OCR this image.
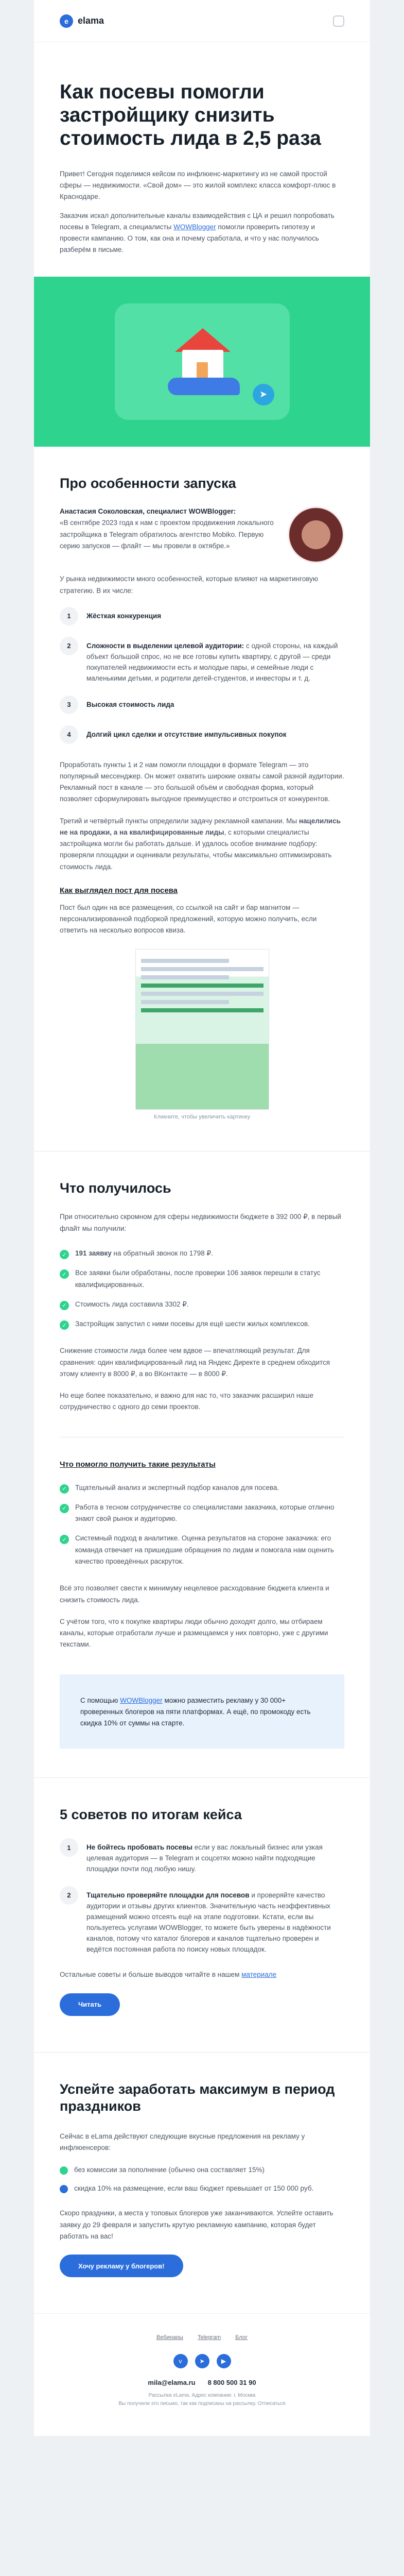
e	elama
Как посевы помогли застройщику снизить стоимость лида в 2,5 раза

Привет! Сегодня поделимся кейсом по инфлюенс-маркетингу из не самой простой сферы — недвижимости. «Свой дом» — это жилой комплекс класса комфорт-плюс в Краснодаре.

Заказчик искал дополнительные каналы взаимодействия с ЦА и решил попробовать посевы в Telegram, а специалисты WOWBlogger помогли проверить гипотезу и провести кампанию. О том, как она и почему сработала, и что у нас получилось разберём в письме.

➤
Про особенности запуска
Анастасия Соколовская, специалист WOWBlogger:

«В сентябре 2023 года к нам с проектом продвижения локального застройщика в Telegram обратилось агентство Mobiko. Первую серию запусков — флайт — мы провели в октябре.»

У рынка недвижимости много особенностей, которые влияют на маркетинговую стратегию. В их числе:

1	Жёсткая конкуренция
2	Сложности в выделении целевой аудитории: с одной стороны, на каждый объект большой спрос, но не все готовы купить квартиру, с другой — среди покупателей недвижимости есть и молодые пары, и семейные люди с маленькими детьми, и родители детей-студентов, и инвесторы и т. д.
3	Высокая стоимость лида
4	Долгий цикл сделки и отсутствие импульсивных покупок

Проработать пункты 1 и 2 нам помогли площадки в формате Telegram — это популярный мессенджер. Он может охватить широкие охваты самой разной аудитории. Рекламный пост в канале — это большой объём и свободная форма, который позволяет сформулировать выгодное преимущество и отстроиться от конкурентов.

Третий и четвёртый пункты определили задачу рекламной кампании. Мы нацелились не на продажи, а на квалифицированные лиды, с которыми специалисты застройщика могли бы работать дальше. И удалось особое внимание подбору: проверяли площадки и оценивали результаты, чтобы максимально оптимизировать стоимость лида.

Как выглядел пост для посева

Пост был один на все размещения, со ссылкой на сайт и бар магнитом — персонализированной подборкой предложений, которую можно получить, если ответить на несколько вопросов квиза.

Кликните, чтобы увеличить картинку
Что получилось

При относительно скромном для сферы недвижимости бюджете в 392 000 ₽, в первый флайт мы получили:

✓	191 заявку на обратный звонок по 1798 ₽.

✓	Все заявки были обработаны, после проверки 106 заявок перешли в статус квалифицированных.

✓	Стоимость лида составила 3302 ₽.

✓	Застройщик запустил с ними посевы для ещё шести жилых комплексов.

Снижение стоимости лида более чем вдвое — впечатляющий результат. Для сравнения: один квалифицированный лид на Яндекс Директе в среднем обходится этому клиенту в 8000 ₽, а во ВКонтакте — в 8000 ₽.

Но еще более показательно, и важно для нас то, что заказчик расширил наше сотрудничество с одного до семи проектов.

Что помогло получить такие результаты
✓	Тщательный анализ и экспертный подбор каналов для посева.

✓	Работа в тесном сотрудничестве со специалистами заказчика, которые отлично знают свой рынок и аудиторию.

✓	Системный подход в аналитике. Оценка результатов на стороне заказчика: его команда отвечает на пришедшие обращения по лидам и помогала нам оценить качество проведённых раскруток.

Всё это позволяет свести к минимуму нецелевое расходование бюджета клиента и снизить стоимость лида.

С учётом того, что к покупке квартиры люди обычно доходят долго, мы отбираем каналы, которые отработали лучше и размещаемся у них повторно, уже с другими текстами.

С помощью WOWBlogger можно разместить рекламу у 30 000+ проверенных блогеров на пяти платформах. А ещё, по промокоду есть скидка 10% от суммы на старте.

5 советов по итогам кейса
1	Не бойтесь пробовать посевы если у вас локальный бизнес или узкая целевая аудитория — в Telegram и соцсетях можно найти подходящие площадки почти под любую нишу.
2	Тщательно проверяйте площадки для посевов и проверяйте качество аудитории и отзывы других клиентов. Значительную часть неэффективных размещений можно отсеять ещё на этапе подготовки. Кстати, если вы пользуетесь услугами WOWBlogger, то можете быть уверены в надёжности каналов, потому что каталог блогеров и каналов тщательно проверен и ведётся постоянная работа по поиску новых площадок.

Остальные советы и больше выводов читайте в нашем материале

Читать
Успейте заработать максимум в период праздников

Сейчас в eLama действуют следующие вкусные предложения на рекламу у инфлюенсеров:

без комиссии за пополнение (обычно она составляет 15%)

скидка 10% на размещение, если ваш бюджет превышает от 150 000 руб.

Скоро праздники, а места у топовых блогеров уже заканчиваются. Успейте оставить заявку до 29 февраля и запустить крутую рекламную кампанию, которая будет работать на вас!

Хочу рекламу у блогеров!
Вебинары	Telegram	Блог
v	➤	▶
mila@elama.ru 8 800 500 31 90
Рассылка eLama. Адрес компании: г. Москва
Вы получили это письмо, так как подписаны на рассылку. Отписаться
